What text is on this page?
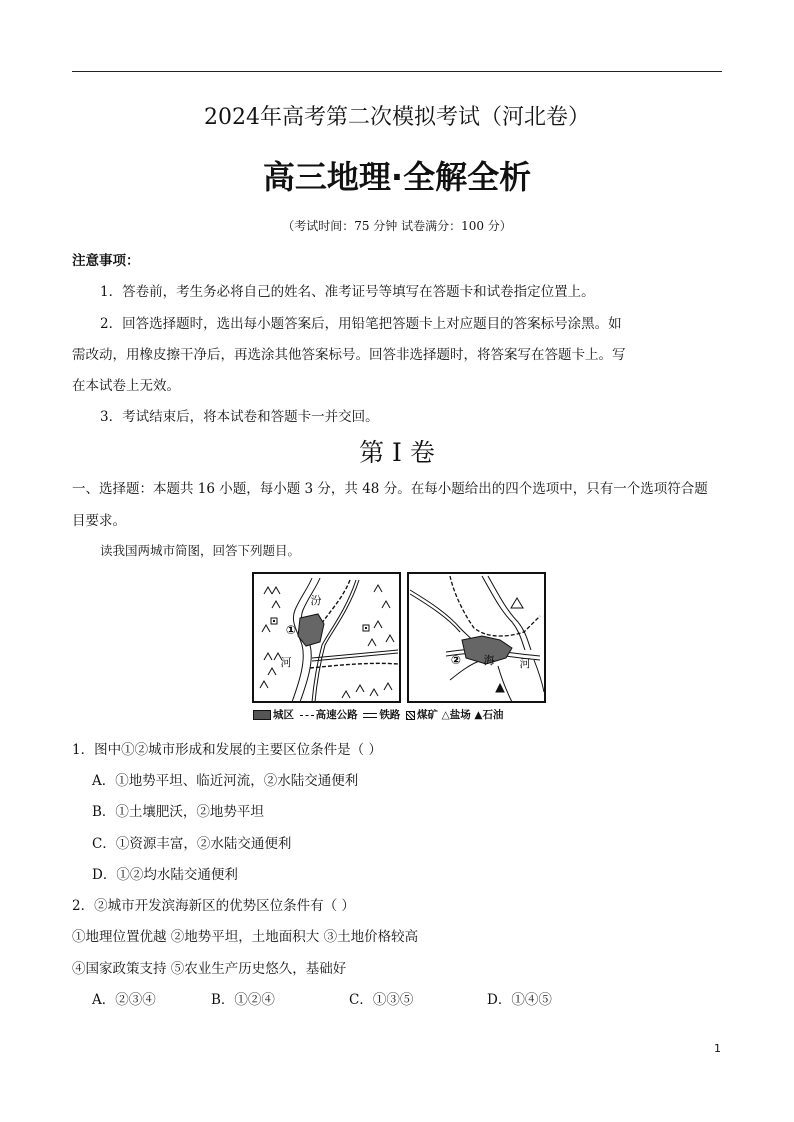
2024年高考第二次模拟考试（河北卷）
高三地理·全解全析
（考试时间：75 分钟 试卷满分：100 分）
注意事项：
1．答卷前，考生务必将自己的姓名、准考证号等填写在答题卡和试卷指定位置上。
2．回答选择题时，选出每小题答案后，用铅笔把答题卡上对应题目的答案标号涂黑。如
需改动，用橡皮擦干净后，再选涂其他答案标号。回答非选择题时，将答案写在答题卡上。写
在本试卷上无效。
3．考试结束后，将本试卷和答题卡一并交回。
第 I 卷
一、选择题：本题共 16 小题，每小题 3 分，共 48 分。在每小题给出的四个选项中，只有一个选项符合题
目要求。
读我国两城市简图，回答下列题目。
①
汾
河	② 海 河
城区 高速公路 铁路 煤矿 △盐场 ▲石油
1．图中①②城市形成和发展的主要区位条件是（ ）
A．①地势平坦、临近河流，②水陆交通便利
B．①土壤肥沃，②地势平坦
C．①资源丰富，②水陆交通便利
D．①②均水陆交通便利
2．②城市开发滨海新区的优势区位条件有（ ）
①地理位置优越 ②地势平坦，土地面积大 ③土地价格较高
④国家政策支持 ⑤农业生产历史悠久，基础好
A．②③④	B．①②④	C．①③⑤	D．①④⑤
1
